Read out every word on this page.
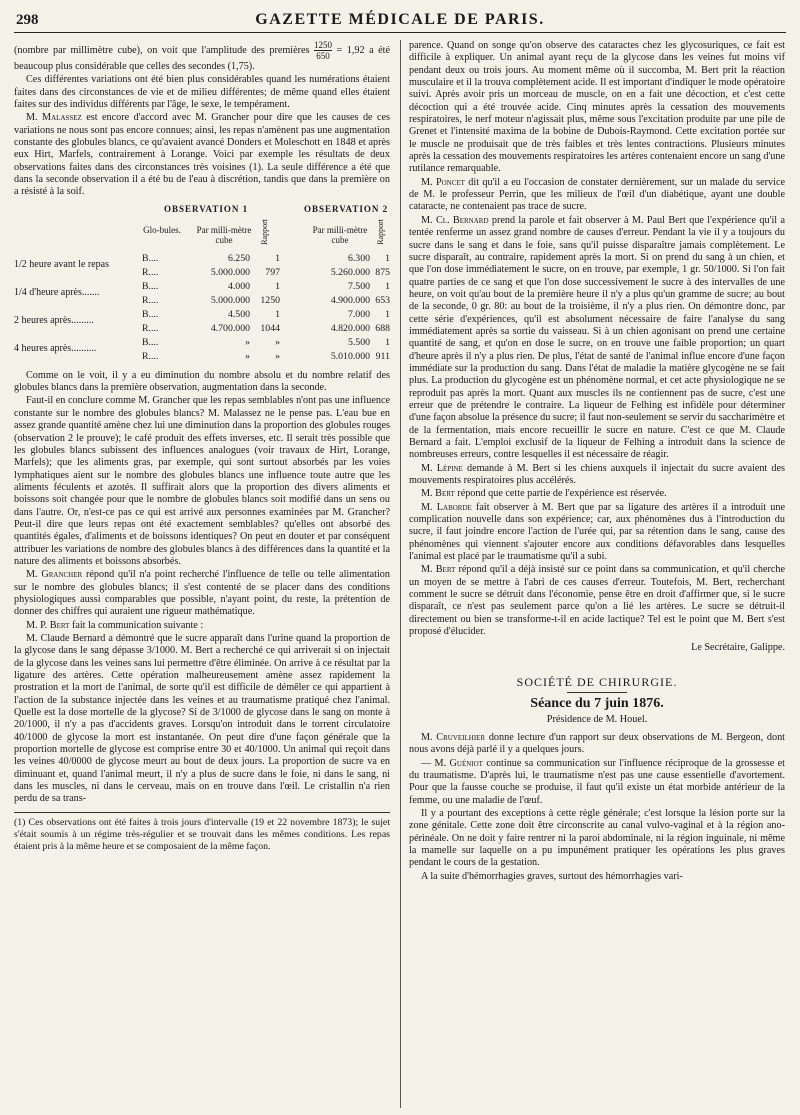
298	GAZETTE MÉDICALE DE PARIS.

(nombre par millimètre cube), on voit que l'amplitude des premières $\frac{1250}{650} = 1,92$ a été beaucoup plus considérable que celles des secondes (1,75).

Ces différentes variations ont été bien plus considérables quand les numérations étaient faites dans des circonstances de vie et de milieu différentes; de même quand elles étaient faites sur des individus différents par l'âge, le sexe, le tempérament.

M. Malassez est encore d'accord avec M. Grancher pour dire que les causes de ces variations ne nous sont pas encore connues; ainsi, les repas n'amènent pas une augmentation constante des globules blancs, ce qu'avaient avancé Donders et Moleschott en 1848 et après eux Hirt, Marfels, contrairement à Lorange. Voici par exemple les résultats de deux observations faites dans des circonstances très voisines (1). La seule différence a été que dans la seconde observation il a été bu de l'eau à discrétion, tandis que dans la première on a résisté à la soif.

OBSERVATION 1	OBSERVATION 2
Glo-bules. Par milli-mètre cube	Rapport	Par milli-mètre cube	Rapport
1/2 heure avant le repas
B....	6.250	1	6.300	1
R....	5.000.000	797	5.260.000 875
1/4 d'heure après.......
B....	4.000	1	7.500	1
R....	5.000.000	1250	4.900.000 653
2 heures après.........
B....	4.500	1	7.000	1
R....	4.700.000	1044	4.820.000 688
4 heures après..........
B....	»	»	5.500	1
R....	»	»	5.010.000 911

Comme on le voit, il y a eu diminution du nombre absolu et du nombre relatif des globules blancs dans la première observation, augmentation dans la seconde.

Faut-il en conclure comme M. Grancher que les repas semblables n'ont pas une influence constante sur le nombre des globules blancs? M. Malassez ne le pense pas. L'eau bue en assez grande quantité amène chez lui une diminution dans la proportion des globules rouges (observation 2 le prouve); le café produit des effets inverses, etc. Il serait très possible que les globules blancs subissent des influences analogues (voir travaux de Hirt, Lorange, Marfels); que les aliments gras, par exemple, qui sont surtout absorbés par les voies lymphatiques aient sur le nombre des globules blancs une influence toute autre que les aliments féculents et azotés. Il suffirait alors que la proportion des divers aliments et boissons soit changée pour que le nombre de globules blancs soit modifié dans un sens ou dans l'autre. Or, n'est-ce pas ce qui est arrivé aux personnes examinées par M. Grancher? Peut-il dire que leurs repas ont été exactement semblables? qu'elles ont absorbé des quantités égales, d'aliments et de boissons identiques? On peut en douter et par conséquent attribuer les variations de nombre des globules blancs à des différences dans la quantité et la nature des aliments et boissons absorbés.

M. Grancher répond qu'il n'a point recherché l'influence de telle ou telle alimentation sur le nombre des globules blancs; il s'est contenté de se placer dans des conditions physiologiques aussi comparables que possible, n'ayant point, du reste, la prétention de donner des chiffres qui auraient une rigueur mathématique.

M. P. Bert fait la communication suivante :

M. Claude Bernard a démontré que le sucre apparaît dans l'urine quand la proportion de la glycose dans le sang dépasse 3/1000. M. Bert a recherché ce qui arriverait si on injectait de la glycose dans les veines sans lui permettre d'être éliminée. On arrive à ce résultat par la ligature des artères. Cette opération malheureusement amène assez rapidement la prostration et la mort de l'animal, de sorte qu'il est difficile de démêler ce qui appartient à l'action de la substance injectée dans les veines et au traumatisme pratiqué chez l'animal. Quelle est la dose mortelle de la glycose? Si de 3/1000 de glycose dans le sang on monte à 20/1000, il n'y a pas d'accidents graves. Lorsqu'on introduit dans le torrent circulatoire 40/1000 de glycose la mort est instantanée. On peut dire d'une façon générale que la proportion mortelle de glycose est comprise entre 30 et 40/1000. Un animal qui reçoit dans les veines 40/0000 de glycose meurt au bout de deux jours. La proportion de sucre va en diminuant et, quand l'animal meurt, il n'y a plus de sucre dans le foie, ni dans le sang, ni dans les muscles, ni dans le cerveau, mais on en trouve dans l'œil. Le cristallin n'a rien perdu de sa trans-

(1) Ces observations ont été faites à trois jours d'intervalle (19 et 22 novembre 1873); le sujet s'était soumis à un régime très-régulier et se trouvait dans les mêmes conditions. Les repas étaient pris à la même heure et se composaient de la même façon.

parence. Quand on songe qu'on observe des cataractes chez les glycosuriques, ce fait est difficile à expliquer. Un animal ayant reçu de la glycose dans les veines fut moins vif pendant deux ou trois jours. Au moment même où il succomba, M. Bert prit la réaction musculaire et il la trouva complètement acide. Il est important d'indiquer le mode opératoire suivi. Après avoir pris un morceau de muscle, on en a fait une décoction, et c'est cette décoction qui a été trouvée acide. Cinq minutes après la cessation des mouvements respiratoires, le nerf moteur n'agissait plus, même sous l'excitation produite par une pile de Grenet et l'intensité maxima de la bobine de Dubois-Raymond. Cette excitation portée sur le muscle ne produisait que de très faibles et très lentes contractions. Plusieurs minutes après la cessation des mouvements respiratoires les artères contenaient encore un sang d'une rutilance remarquable.

M. Poncet dit qu'il a eu l'occasion de constater dernièrement, sur un malade du service de M. le professeur Perrin, que les milieux de l'œil d'un diabétique, ayant une double cataracte, ne contenaient pas trace de sucre.

M. Cl. Bernard prend la parole et fait observer à M. Paul Bert que l'expérience qu'il a tentée renferme un assez grand nombre de causes d'erreur. Pendant la vie il y a toujours du sucre dans le sang et dans le foie, sans qu'il puisse disparaître jamais complètement. Le sucre disparaît, au contraire, rapidement après la mort. Si on prend du sang à un chien, et que l'on dose immédiatement le sucre, on en trouve, par exemple, 1 gr. 50/1000. Si l'on fait quatre parties de ce sang et que l'on dose successivement le sucre à des intervalles de une heure, on voit qu'au bout de la première heure il n'y a plus qu'un gramme de sucre; au bout de la seconde, 0 gr. 80: au bout de la troisième, il n'y a plus rien. On démontre donc, par cette série d'expériences, qu'il est absolument nécessaire de faire l'analyse du sang immédiatement après sa sortie du vaisseau. Si à un chien agonisant on prend une certaine quantité de sang, et qu'on en dose le sucre, on en trouve une faible proportion; un quart d'heure après il n'y a plus rien. De plus, l'état de santé de l'animal influe encore d'une façon immédiate sur la production du sang. Dans l'état de maladie la matière glycogène ne se fait plus. La production du glycogène est un phénomène normal, et cet acte physiologique ne se reproduit pas après la mort. Quant aux muscles ils ne contiennent pas de sucre, c'est une erreur que de prétendre le contraire. La liqueur de Felhing est infidèle pour déterminer d'une façon absolue la présence du sucre; il faut non-seulement se servir du saccharimètre et de la fermentation, mais encore recueillir le sucre en nature. C'est ce que M. Claude Bernard a fait. L'emploi exclusif de la liqueur de Felhing a introduit dans la science de nombreuses erreurs, contre lesquelles il est nécessaire de réagir.

M. Lépine demande à M. Bert si les chiens auxquels il injectait du sucre avaient des mouvements respiratoires plus accélérés.

M. Bert répond que cette partie de l'expérience est réservée.

M. Laborde fait observer à M. Bert que par sa ligature des artères il a introduit une complication nouvelle dans son expérience; car, aux phénomènes dus à l'introduction du sucre, il faut joindre encore l'action de l'urée qui, par sa rétention dans le sang, cause des phénomènes qui viennent s'ajouter encore aux conditions défavorables dans lesquelles l'animal est placé par le traumatisme qu'il a subi.

M. Bert répond qu'il a déjà insisté sur ce point dans sa communication, et qu'il cherche un moyen de se mettre à l'abri de ces causes d'erreur. Toutefois, M. Bert, recherchant comment le sucre se détruit dans l'économie, pense être en droit d'affirmer que, si le sucre disparaît, ce n'est pas seulement parce qu'on a lié les artères. Le sucre se détruit-il directement ou bien se transforme-t-il en acide lactique? Tel est le point que M. Bert s'est proposé d'élucider.

Le Secrétaire, Galippe.
SOCIÉTÉ DE CHIRURGIE.
Séance du 7 juin 1876.
Présidence de M. Houel.

M. Cruveilhier donne lecture d'un rapport sur deux observations de M. Bergeon, dont nous avons déjà parlé il y a quelques jours.

— M. Guéniot continue sa communication sur l'influence réciproque de la grossesse et du traumatisme. D'après lui, le traumatisme n'est pas une cause essentielle d'avortement. Pour que la fausse couche se produise, il faut qu'il existe un état morbide antérieur de la femme, ou une maladie de l'œuf.

Il y a pourtant des exceptions à cette règle générale; c'est lorsque la lésion porte sur la zone génitale. Cette zone doit être circonscrite au canal vulvo-vaginal et à la région ano-périnéale. On ne doit y faire rentrer ni la paroi abdominale, ni la région inguinale, ni même la mamelle sur laquelle on a pu impunément pratiquer les opérations les plus graves pendant le cours de la gestation.

A la suite d'hémorrhagies graves, surtout des hémorrhagies vari-
